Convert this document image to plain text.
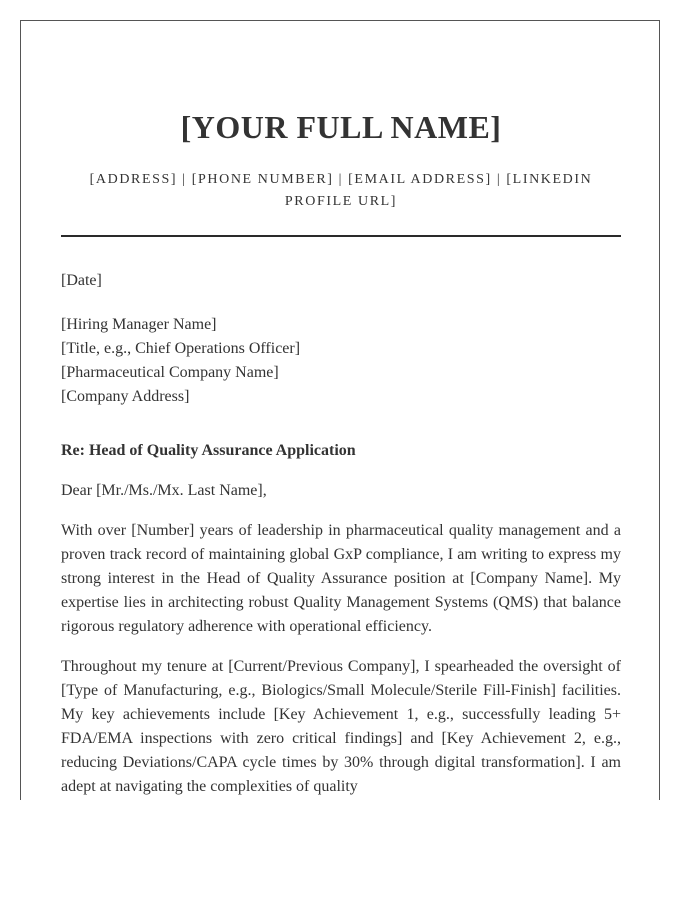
[YOUR FULL NAME]
[ADDRESS] | [PHONE NUMBER] | [EMAIL ADDRESS] | [LINKEDIN PROFILE URL]
[Date]
[Hiring Manager Name]
[Title, e.g., Chief Operations Officer]
[Pharmaceutical Company Name]
[Company Address]
Re: Head of Quality Assurance Application
Dear [Mr./Ms./Mx. Last Name],
With over [Number] years of leadership in pharmaceutical quality management and a proven track record of maintaining global GxP compliance, I am writing to express my strong interest in the Head of Quality Assurance position at [Company Name]. My expertise lies in architecting robust Quality Management Systems (QMS) that balance rigorous regulatory adherence with operational efficiency.
Throughout my tenure at [Current/Previous Company], I spearheaded the oversight of [Type of Manufacturing, e.g., Biologics/Small Molecule/Sterile Fill-Finish] facilities. My key achievements include [Key Achievement 1, e.g., successfully leading 5+ FDA/EMA inspections with zero critical findings] and [Key Achievement 2, e.g., reducing Deviations/CAPA cycle times by 30% through digital transformation]. I am adept at navigating the complexities of quality
